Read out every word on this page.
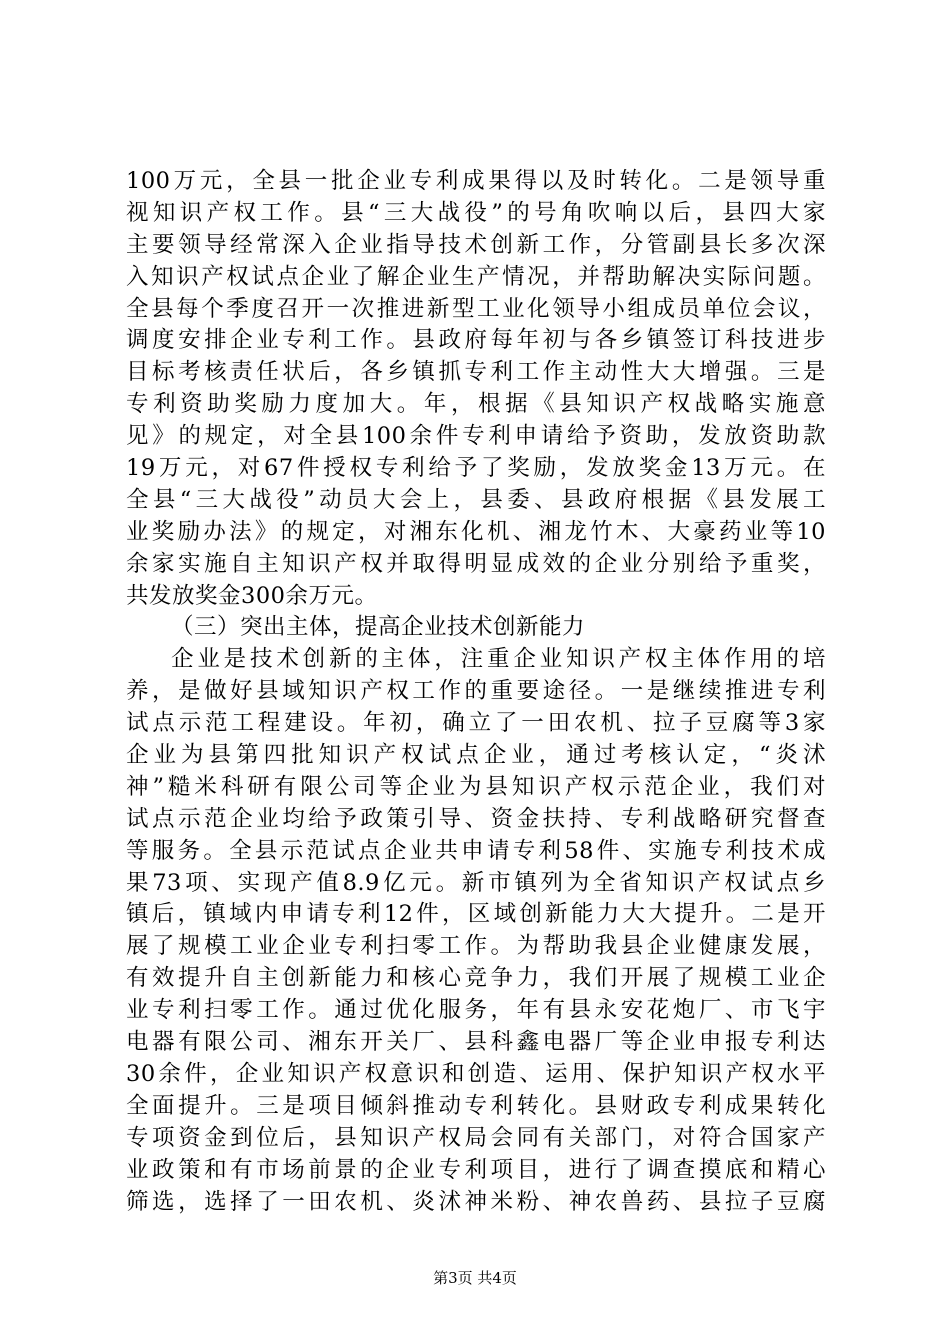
100万元，全县一批企业专利成果得以及时转化。二是领导重
视知识产权工作。县“三大战役”的号角吹响以后，县四大家
主要领导经常深入企业指导技术创新工作，分管副县长多次深
入知识产权试点企业了解企业生产情况，并帮助解决实际问题。
全县每个季度召开一次推进新型工业化领导小组成员单位会议，
调度安排企业专利工作。县政府每年初与各乡镇签订科技进步
目标考核责任状后，各乡镇抓专利工作主动性大大增强。三是
专利资助奖励力度加大。年，根据《县知识产权战略实施意
见》的规定，对全县100余件专利申请给予资助，发放资助款
19万元，对67件授权专利给予了奖励，发放奖金13万元。在
全县“三大战役”动员大会上，县委、县政府根据《县发展工
业奖励办法》的规定，对湘东化机、湘龙竹木、大豪药业等10
余家实施自主知识产权并取得明显成效的企业分别给予重奖，
共发放奖金300余万元。
（三）突出主体，提高企业技术创新能力
企业是技术创新的主体，注重企业知识产权主体作用的培
养，是做好县域知识产权工作的重要途径。一是继续推进专利
试点示范工程建设。年初，确立了一田农机、拉子豆腐等3家
企业为县第四批知识产权试点企业，通过考核认定，“炎沭
神”糙米科研有限公司等企业为县知识产权示范企业，我们对
试点示范企业均给予政策引导、资金扶持、专利战略研究督查
等服务。全县示范试点企业共申请专利58件、实施专利技术成
果73项、实现产值8.9亿元。新市镇列为全省知识产权试点乡
镇后，镇域内申请专利12件，区域创新能力大大提升。二是开
展了规模工业企业专利扫零工作。为帮助我县企业健康发展，
有效提升自主创新能力和核心竞争力，我们开展了规模工业企
业专利扫零工作。通过优化服务，年有县永安花炮厂、市飞宇
电器有限公司、湘东开关厂、县科鑫电器厂等企业申报专利达
30余件，企业知识产权意识和创造、运用、保护知识产权水平
全面提升。三是项目倾斜推动专利转化。县财政专利成果转化
专项资金到位后，县知识产权局会同有关部门，对符合国家产
业政策和有市场前景的企业专利项目，进行了调查摸底和精心
筛选，选择了一田农机、炎沭神米粉、神农兽药、县拉子豆腐
第3页 共4页
